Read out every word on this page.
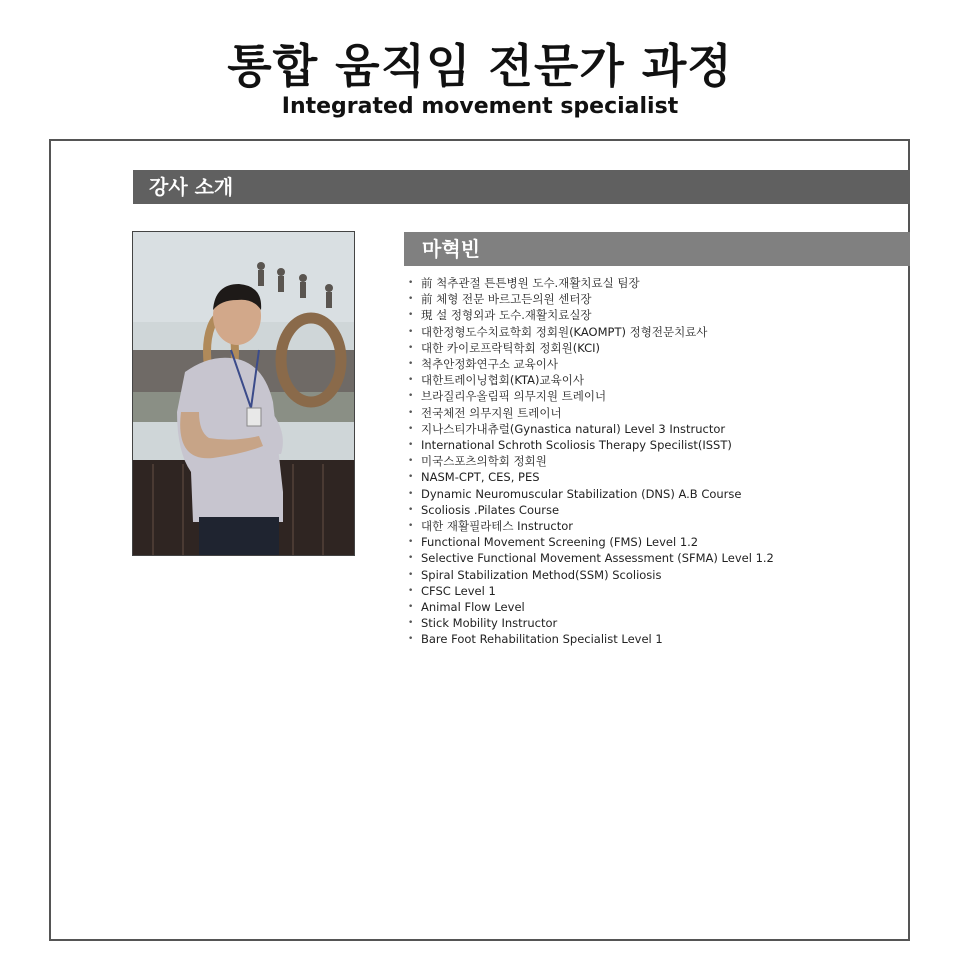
통합 움직임 전문가 과정
Integrated movement specialist
강사 소개
마혁빈
• 前 척추관절 튼튼병원 도수.재활치료실 팀장
• 前 체형 전문 바르고든의원 센터장
• 現 설 정형외과 도수.재활치료실장
• 대한정형도수치료학회 정회원(KAOMPT) 정형전문치료사
• 대한 카이로프락틱학회 정회원(KCI)
• 척추안정화연구소 교육이사
• 대한트레이닝협회(KTA)교육이사
• 브라질리우올림픽 의무지원 트레이너
• 전국체전 의무지원 트레이너
• 지나스티가내츄럴(Gynastica natural) Level 3 Instructor
• International Schroth Scoliosis Therapy Specilist(ISST)
• 미국스포츠의학회 정회원
• NASM-CPT, CES, PES
• Dynamic Neuromuscular Stabilization (DNS) A.B Course
• Scoliosis .Pilates Course
• 대한 재활필라테스 Instructor
• Functional Movement Screening (FMS) Level 1.2
• Selective Functional Movement Assessment (SFMA) Level 1.2
• Spiral Stabilization Method(SSM) Scoliosis
• CFSC Level 1
• Animal Flow Level
• Stick Mobility Instructor
• Bare Foot Rehabilitation Specialist Level 1
